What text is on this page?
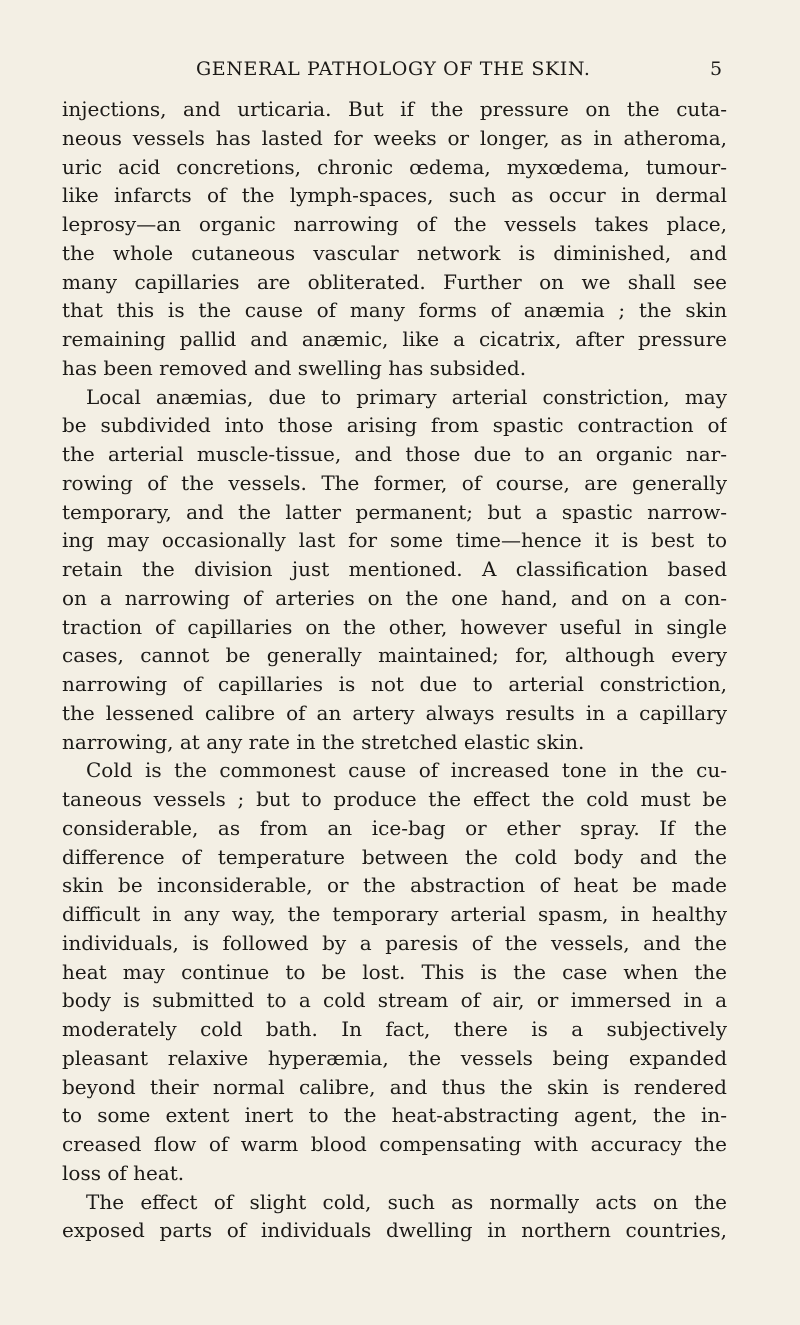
GENERAL PATHOLOGY OF THE SKIN.	5
injections, and urticaria. But if the pressure on the cuta-
neous vessels has lasted for weeks or longer, as in atheroma,
uric acid concretions, chronic œdema, myxœdema, tumour-
like infarcts of the lymph-spaces, such as occur in dermal
leprosy—an organic narrowing of the vessels takes place,
the whole cutaneous vascular network is diminished, and
many capillaries are obliterated. Further on we shall see
that this is the cause of many forms of anæmia ; the skin
remaining pallid and anæmic, like a cicatrix, after pressure
has been removed and swelling has subsided.
Local anæmias, due to primary arterial constriction, may
be subdivided into those arising from spastic contraction of
the arterial muscle-tissue, and those due to an organic nar-
rowing of the vessels. The former, of course, are generally
temporary, and the latter permanent; but a spastic narrow-
ing may occasionally last for some time—hence it is best to
retain the division just mentioned. A classification based
on a narrowing of arteries on the one hand, and on a con-
traction of capillaries on the other, however useful in single
cases, cannot be generally maintained; for, although every
narrowing of capillaries is not due to arterial constriction,
the lessened calibre of an artery always results in a capillary
narrowing, at any rate in the stretched elastic skin.
Cold is the commonest cause of increased tone in the cu-
taneous vessels ; but to produce the effect the cold must be
considerable, as from an ice-bag or ether spray. If the
difference of temperature between the cold body and the
skin be inconsiderable, or the abstraction of heat be made
difficult in any way, the temporary arterial spasm, in healthy
individuals, is followed by a paresis of the vessels, and the
heat may continue to be lost. This is the case when the
body is submitted to a cold stream of air, or immersed in a
moderately cold bath. In fact, there is a subjectively
pleasant relaxive hyperæmia, the vessels being expanded
beyond their normal calibre, and thus the skin is rendered
to some extent inert to the heat-abstracting agent, the in-
creased flow of warm blood compensating with accuracy the
loss of heat.
The effect of slight cold, such as normally acts on the
exposed parts of individuals dwelling in northern countries,
